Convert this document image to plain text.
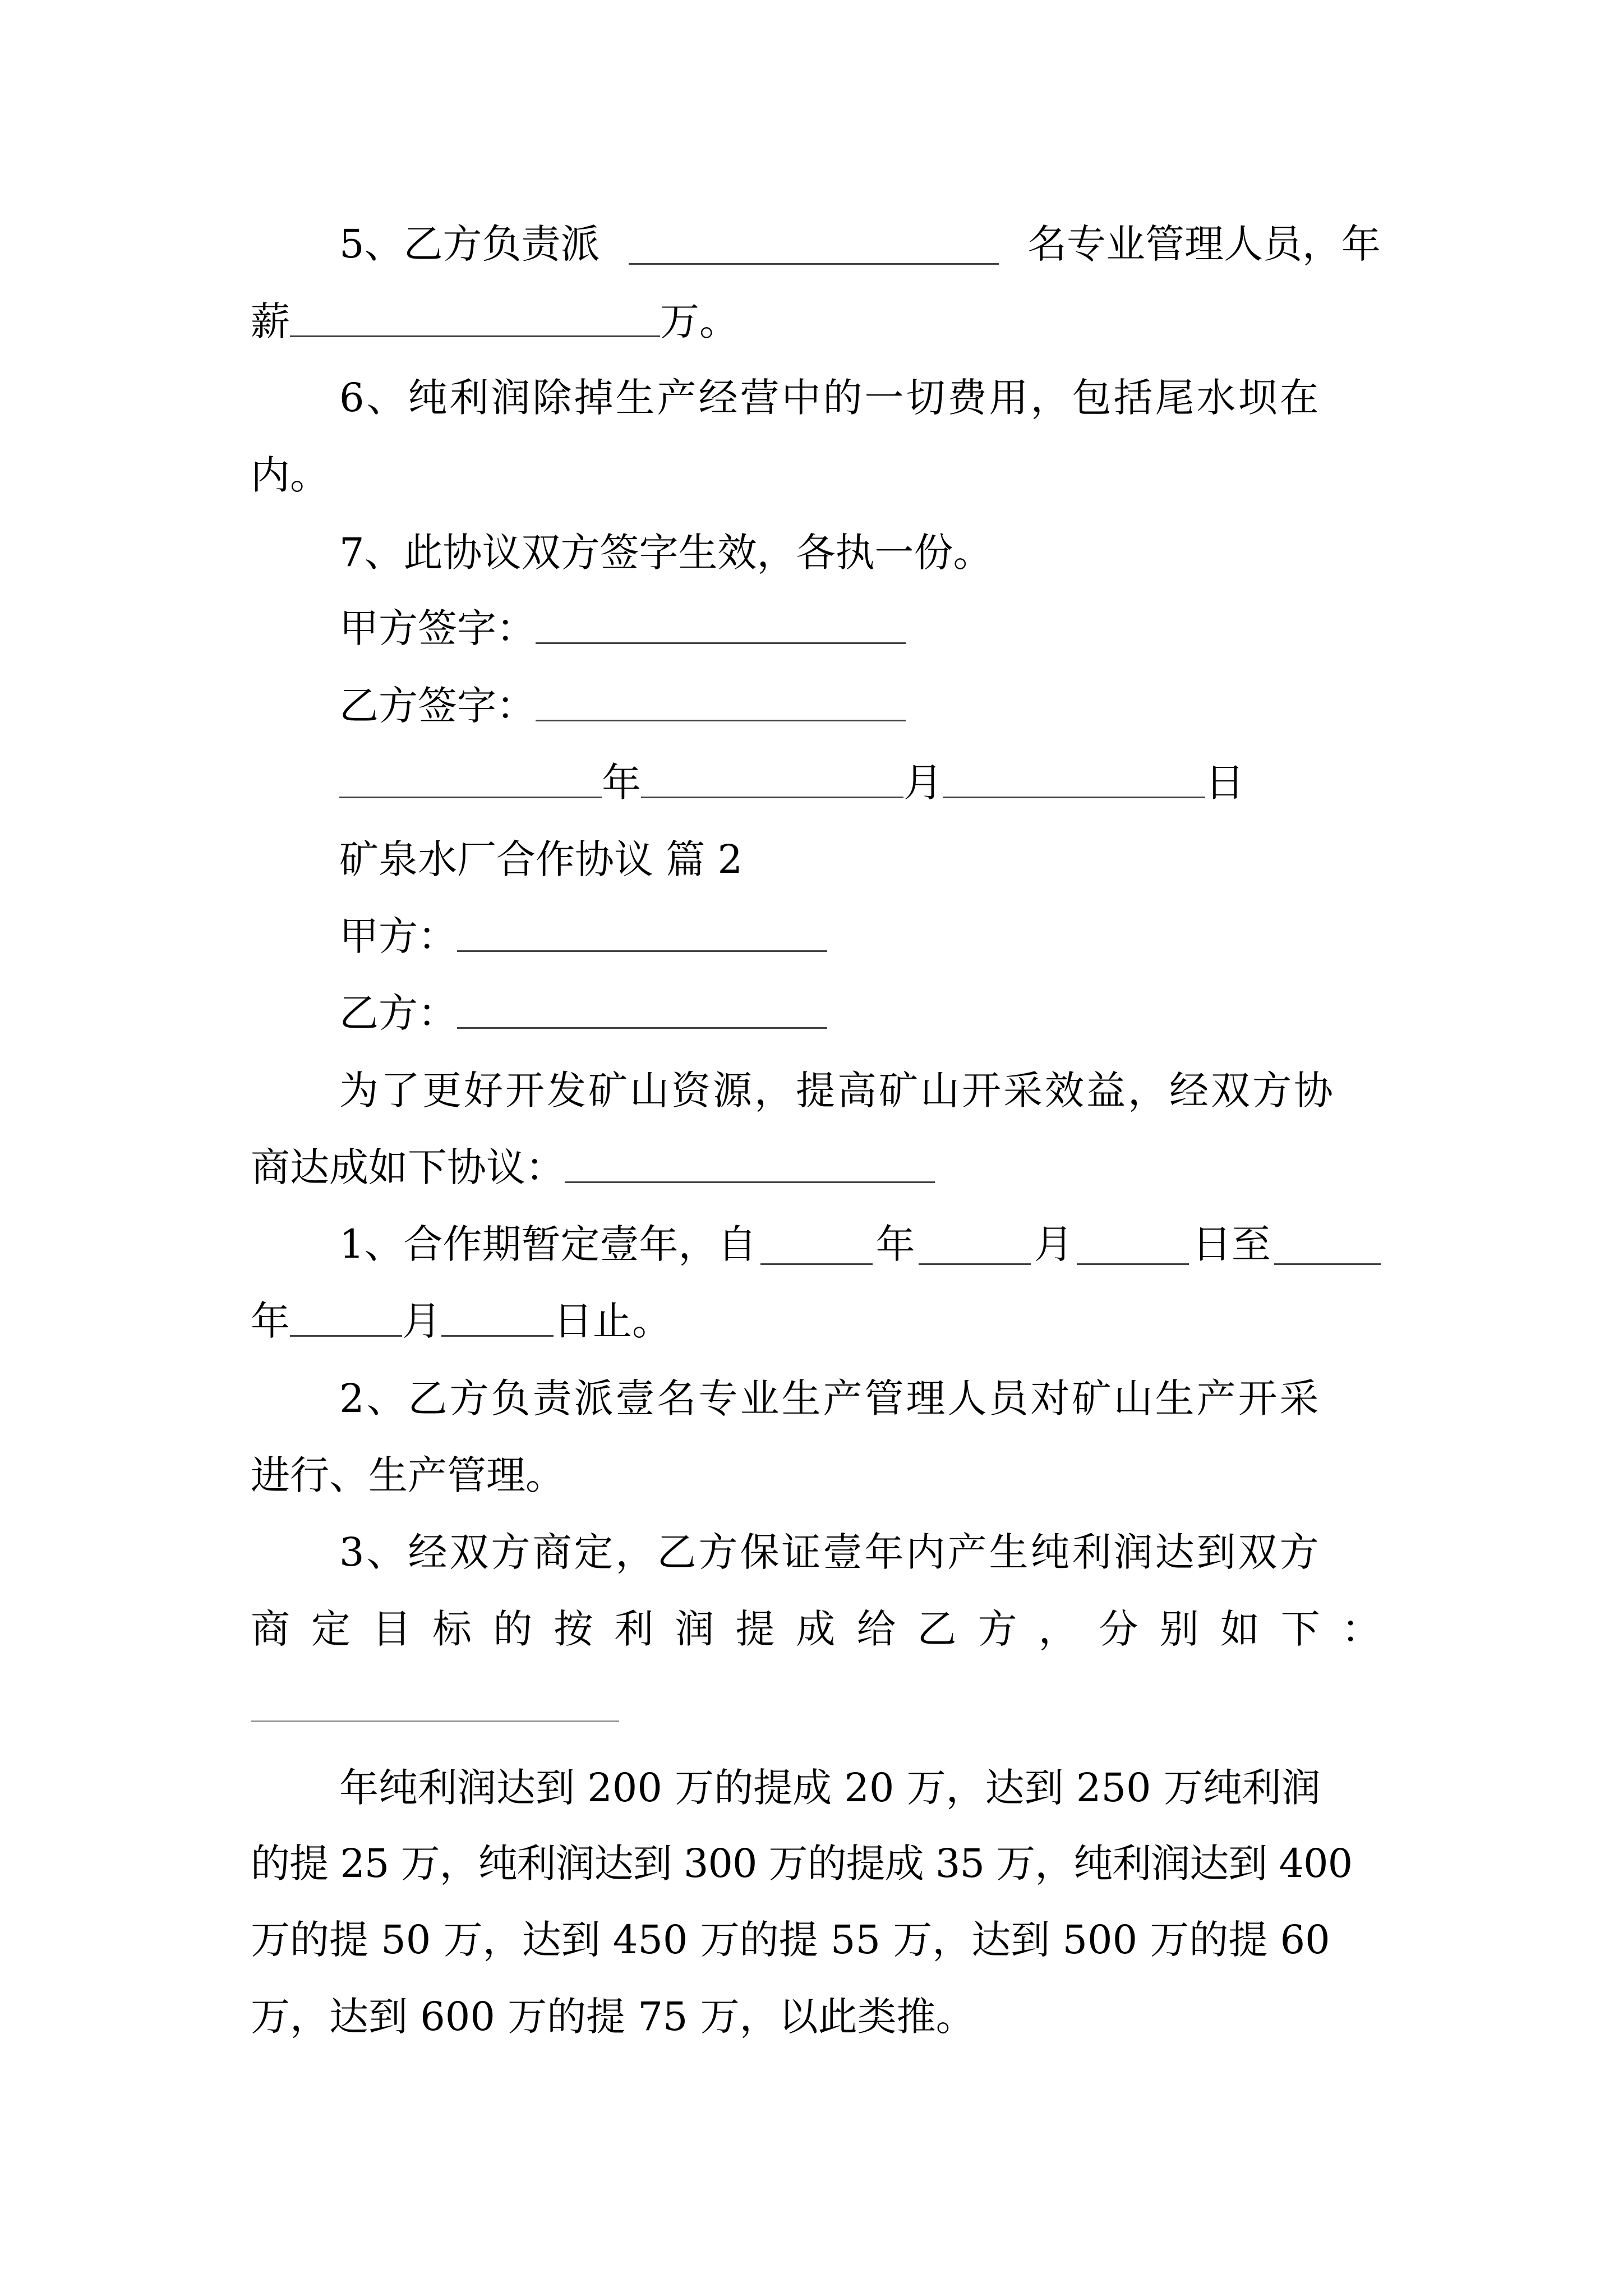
5、乙方负责派	名专业管理人员，年
薪	万。
6、纯利润除掉生产经营中的一切费用，包括尾水坝在
内。
7、此协议双方签字生效，各执一份。
甲方签字：
乙方签字：
年	月	日
矿泉水厂合作协议 篇 2
甲方：
乙方：
为了更好开发矿山资源，提高矿山开采效益，经双方协
商达成如下协议：
1、合作期暂定壹年，自	年	月	日至
年	月	日止。
2、乙方负责派壹名专业生产管理人员对矿山生产开采
进行、生产管理。
3、经双方商定，乙方保证壹年内产生纯利润达到双方
商 定 目 标 的 按 利 润 提 成 给 乙 方 ， 分 别 如 下 ：
年纯利润达到 200 万的提成 20 万，达到 250 万纯利润
的提 25 万，纯利润达到 300 万的提成 35 万，纯利润达到 400
万的提 50 万，达到 450 万的提 55 万，达到 500 万的提 60
万，达到 600 万的提 75 万，以此类推。
